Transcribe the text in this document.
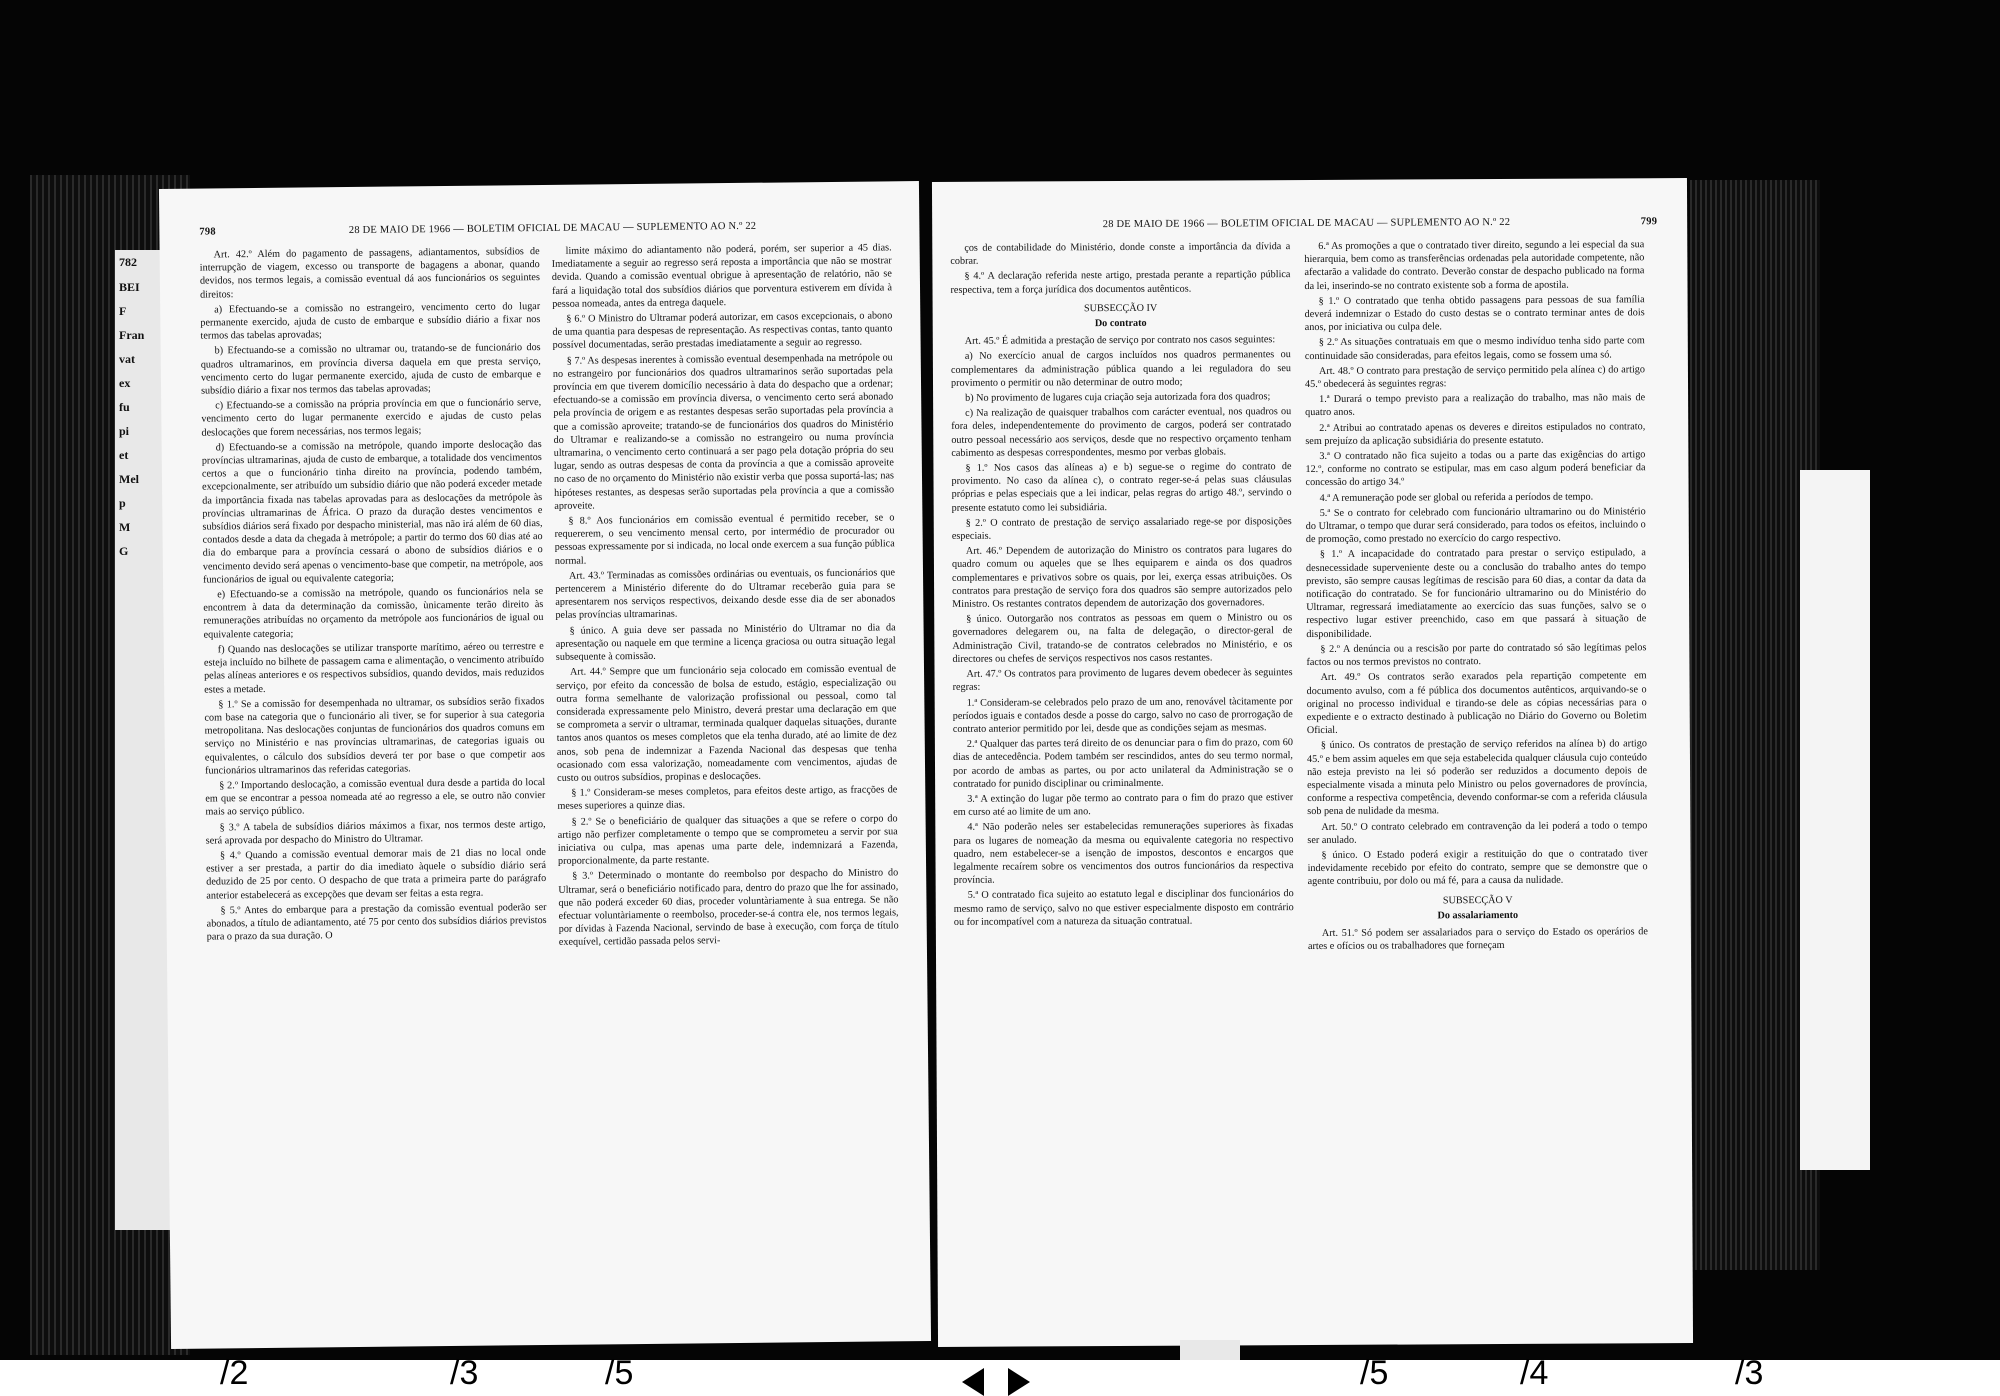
782
BEI
F
Fran
vat
ex
fu
pi
et
Mel
p
M
G
798	28 DE MAIO DE 1966 — BOLETIM OFICIAL DE MACAU — SUPLEMENTO AO N.º 22

Art. 42.º Além do pagamento de passagens, adiantamentos, subsídios de interrupção de viagem, excesso ou transporte de bagagens a abonar, quando devidos, nos termos legais, a comissão eventual dá aos funcionários os seguintes direitos:

a) Efectuando-se a comissão no estrangeiro, vencimento certo do lugar permanente exercido, ajuda de custo de embarque e subsídio diário a fixar nos termos das tabelas aprovadas;

b) Efectuando-se a comissão no ultramar ou, tratando-se de funcionário dos quadros ultramarinos, em província diversa daquela em que presta serviço, vencimento certo do lugar permanente exercido, ajuda de custo de embarque e subsídio diário a fixar nos termos das tabelas aprovadas;

c) Efectuando-se a comissão na própria província em que o funcionário serve, vencimento certo do lugar permanente exercido e ajudas de custo pelas deslocações que forem necessárias, nos termos legais;

d) Efectuando-se a comissão na metrópole, quando importe deslocação das províncias ultramarinas, ajuda de custo de embarque, a totalidade dos vencimentos certos a que o funcionário tinha direito na província, podendo também, excepcionalmente, ser atribuído um subsídio diário que não poderá exceder metade da importância fixada nas tabelas aprovadas para as deslocações da metrópole às províncias ultramarinas de África. O prazo da duração destes vencimentos e subsídios diários será fixado por despacho ministerial, mas não irá além de 60 dias, contados desde a data da chegada à metrópole; a partir do termo dos 60 dias até ao dia do embarque para a província cessará o abono de subsídios diários e o vencimento devido será apenas o vencimento-base que competir, na metrópole, aos funcionários de igual ou equivalente categoria;

e) Efectuando-se a comissão na metrópole, quando os funcionários nela se encontrem à data da determinação da comissão, ùnicamente terão direito às remunerações atribuídas no orçamento da metrópole aos funcionários de igual ou equivalente categoria;

f) Quando nas deslocações se utilizar transporte marítimo, aéreo ou terrestre e esteja incluído no bilhete de passagem cama e alimentação, o vencimento atribuído pelas alíneas anteriores e os respectivos subsídios, quando devidos, mais reduzidos estes a metade.

§ 1.º Se a comissão for desempenhada no ultramar, os subsídios serão fixados com base na categoria que o funcionário ali tiver, se for superior à sua categoria metropolitana. Nas deslocações conjuntas de funcionários dos quadros comuns em serviço no Ministério e nas províncias ultramarinas, de categorias iguais ou equivalentes, o cálculo dos subsídios deverá ter por base o que competir aos funcionários ultramarinos das referidas categorias.

§ 2.º Importando deslocação, a comissão eventual dura desde a partida do local em que se encontrar a pessoa nomeada até ao regresso a ele, se outro não convier mais ao serviço público.

§ 3.º A tabela de subsídios diários máximos a fixar, nos termos deste artigo, será aprovada por despacho do Ministro do Ultramar.

§ 4.º Quando a comissão eventual demorar mais de 21 dias no local onde estiver a ser prestada, a partir do dia imediato àquele o subsídio diário será deduzido de 25 por cento. O despacho de que trata a primeira parte do parágrafo anterior estabelecerá as excepções que devam ser feitas a esta regra.

§ 5.º Antes do embarque para a prestação da comissão eventual poderão ser abonados, a título de adiantamento, até 75 por cento dos subsídios diários previstos para o prazo da sua duração. O

limite máximo do adiantamento não poderá, porém, ser superior a 45 dias. Imediatamente a seguir ao regresso será reposta a importância que não se mostrar devida. Quando a comissão eventual obrigue à apresentação de relatório, não se fará a liquidação total dos subsídios diários que porventura estiverem em dívida à pessoa nomeada, antes da entrega daquele.

§ 6.º O Ministro do Ultramar poderá autorizar, em casos excepcionais, o abono de uma quantia para despesas de representação. As respectivas contas, tanto quanto possível documentadas, serão prestadas imediatamente a seguir ao regresso.

§ 7.º As despesas inerentes à comissão eventual desempenhada na metrópole ou no estrangeiro por funcionários dos quadros ultramarinos serão suportadas pela província em que tiverem domicílio necessário à data do despacho que a ordenar; efectuando-se a comissão em província diversa, o vencimento certo será abonado pela província de origem e as restantes despesas serão suportadas pela província a que a comissão aproveite; tratando-se de funcionários dos quadros do Ministério do Ultramar e realizando-se a comissão no estrangeiro ou numa província ultramarina, o vencimento certo continuará a ser pago pela dotação própria do seu lugar, sendo as outras despesas de conta da província a que a comissão aproveite no caso de no orçamento do Ministério não existir verba que possa suportá-las; nas hipóteses restantes, as despesas serão suportadas pela província a que a comissão aproveite.

§ 8.º Aos funcionários em comissão eventual é permitido receber, se o requererem, o seu vencimento mensal certo, por intermédio de procurador ou pessoas expressamente por si indicada, no local onde exercem a sua função pública normal.

Art. 43.º Terminadas as comissões ordinárias ou eventuais, os funcionários que pertencerem a Ministério diferente do do Ultramar receberão guia para se apresentarem nos serviços respectivos, deixando desde esse dia de ser abonados pelas províncias ultramarinas.

§ único. A guia deve ser passada no Ministério do Ultramar no dia da apresentação ou naquele em que termine a licença graciosa ou outra situação legal subsequente à comissão.

Art. 44.º Sempre que um funcionário seja colocado em comissão eventual de serviço, por efeito da concessão de bolsa de estudo, estágio, especialização ou outra forma semelhante de valorização profissional ou pessoal, como tal considerada expressamente pelo Ministro, deverá prestar uma declaração em que se comprometa a servir o ultramar, terminada qualquer daquelas situações, durante tantos anos quantos os meses completos que ela tenha durado, até ao limite de dez anos, sob pena de indemnizar a Fazenda Nacional das despesas que tenha ocasionado com essa valorização, nomeadamente com vencimentos, ajudas de custo ou outros subsídios, propinas e deslocações.

§ 1.º Consideram-se meses completos, para efeitos deste artigo, as fracções de meses superiores a quinze dias.

§ 2.º Se o beneficiário de qualquer das situações a que se refere o corpo do artigo não perfizer completamente o tempo que se comprometeu a servir por sua iniciativa ou culpa, mas apenas uma parte dele, indemnizará a Fazenda, proporcionalmente, da parte restante.

§ 3.º Determinado o montante do reembolso por despacho do Ministro do Ultramar, será o beneficiário notificado para, dentro do prazo que lhe for assinado, que não poderá exceder 60 dias, proceder voluntàriamente à sua entrega. Se não efectuar voluntàriamente o reembolso, proceder-se-á contra ele, nos termos legais, por dívidas à Fazenda Nacional, servindo de base à execução, com força de título exequível, certidão passada pelos servi-

28 DE MAIO DE 1966 — BOLETIM OFICIAL DE MACAU — SUPLEMENTO AO N.º 22	799

ços de contabilidade do Ministério, donde conste a importância da dívida a cobrar.

§ 4.º A declaração referida neste artigo, prestada perante a repartição pública respectiva, tem a força jurídica dos documentos autênticos.

SUBSECÇÃO IV

Do contrato

Art. 45.º É admitida a prestação de serviço por contrato nos casos seguintes:

a) No exercício anual de cargos incluídos nos quadros permanentes ou complementares da administração pública quando a lei reguladora do seu provimento o permitir ou não determinar de outro modo;

b) No provimento de lugares cuja criação seja autorizada fora dos quadros;

c) Na realização de quaisquer trabalhos com carácter eventual, nos quadros ou fora deles, independentemente do provimento de cargos, poderá ser contratado outro pessoal necessário aos serviços, desde que no respectivo orçamento tenham cabimento as despesas correspondentes, mesmo por verbas globais.

§ 1.º Nos casos das alíneas a) e b) segue-se o regime do contrato de provimento. No caso da alínea c), o contrato reger-se-á pelas suas cláusulas próprias e pelas especiais que a lei indicar, pelas regras do artigo 48.º, servindo o presente estatuto como lei subsidiária.

§ 2.º O contrato de prestação de serviço assalariado rege-se por disposições especiais.

Art. 46.º Dependem de autorização do Ministro os contratos para lugares do quadro comum ou aqueles que se lhes equiparem e ainda os dos quadros complementares e privativos sobre os quais, por lei, exerça essas atribuições. Os contratos para prestação de serviço fora dos quadros são sempre autorizados pelo Ministro. Os restantes contratos dependem de autorização dos governadores.

§ único. Outorgarão nos contratos as pessoas em quem o Ministro ou os governadores delegarem ou, na falta de delegação, o director-geral de Administração Civil, tratando-se de contratos celebrados no Ministério, e os directores ou chefes de serviços respectivos nos casos restantes.

Art. 47.º Os contratos para provimento de lugares devem obedecer às seguintes regras:

1.ª Consideram-se celebrados pelo prazo de um ano, renovável tàcitamente por períodos iguais e contados desde a posse do cargo, salvo no caso de prorrogação de contrato anterior permitido por lei, desde que as condições sejam as mesmas.

2.ª Qualquer das partes terá direito de os denunciar para o fim do prazo, com 60 dias de antecedência. Podem também ser rescindidos, antes do seu termo normal, por acordo de ambas as partes, ou por acto unilateral da Administração se o contratado for punido disciplinar ou criminalmente.

3.ª A extinção do lugar põe termo ao contrato para o fim do prazo que estiver em curso até ao limite de um ano.

4.ª Não poderão neles ser estabelecidas remunerações superiores às fixadas para os lugares de nomeação da mesma ou equivalente categoria no respectivo quadro, nem estabelecer-se a isenção de impostos, descontos e encargos que legalmente recaírem sobre os vencimentos dos outros funcionários da respectiva província.

5.ª O contratado fica sujeito ao estatuto legal e disciplinar dos funcionários do mesmo ramo de serviço, salvo no que estiver especialmente disposto em contrário ou for incompatível com a natureza da situação contratual.

6.ª As promoções a que o contratado tiver direito, segundo a lei especial da sua hierarquia, bem como as transferências ordenadas pela autoridade competente, não afectarão a validade do contrato. Deverão constar de despacho publicado na forma da lei, inserindo-se no contrato existente sob a forma de apostila.

§ 1.º O contratado que tenha obtido passagens para pessoas de sua família deverá indemnizar o Estado do custo destas se o contrato terminar antes de dois anos, por iniciativa ou culpa dele.

§ 2.º As situações contratuais em que o mesmo indivíduo tenha sido parte com continuidade são consideradas, para efeitos legais, como se fossem uma só.

Art. 48.º O contrato para prestação de serviço permitido pela alínea c) do artigo 45.º obedecerá às seguintes regras:

1.ª Durará o tempo previsto para a realização do trabalho, mas não mais de quatro anos.

2.ª Atribui ao contratado apenas os deveres e direitos estipulados no contrato, sem prejuízo da aplicação subsidiária do presente estatuto.

3.ª O contratado não fica sujeito a todas ou a parte das exigências do artigo 12.º, conforme no contrato se estipular, mas em caso algum poderá beneficiar da concessão do artigo 34.º

4.ª A remuneração pode ser global ou referida a períodos de tempo.

5.ª Se o contrato for celebrado com funcionário ultramarino ou do Ministério do Ultramar, o tempo que durar será considerado, para todos os efeitos, incluindo o de promoção, como prestado no exercício do cargo respectivo.

§ 1.º A incapacidade do contratado para prestar o serviço estipulado, a desnecessidade superveniente deste ou a conclusão do trabalho antes do tempo previsto, são sempre causas legítimas de rescisão para 60 dias, a contar da data da notificação do contratado. Se for funcionário ultramarino ou do Ministério do Ultramar, regressará imediatamente ao exercício das suas funções, salvo se o respectivo lugar estiver preenchido, caso em que passará à situação de disponibilidade.

§ 2.º A denúncia ou a rescisão por parte do contratado só são legítimas pelos factos ou nos termos previstos no contrato.

Art. 49.º Os contratos serão exarados pela repartição competente em documento avulso, com a fé pública dos documentos autênticos, arquivando-se o original no processo individual e tirando-se dele as cópias necessárias para o expediente e o extracto destinado à publicação no Diário do Governo ou Boletim Oficial.

§ único. Os contratos de prestação de serviço referidos na alínea b) do artigo 45.º e bem assim aqueles em que seja estabelecida qualquer cláusula cujo conteúdo não esteja previsto na lei só poderão ser reduzidos a documento depois de especialmente visada a minuta pelo Ministro ou pelos governadores de província, conforme a respectiva competência, devendo conformar-se com a referida cláusula sob pena de nulidade da mesma.

Art. 50.º O contrato celebrado em contravenção da lei poderá a todo o tempo ser anulado.

§ único. O Estado poderá exigir a restituição do que o contratado tiver indevidamente recebido por efeito do contrato, sempre que se demonstre que o agente contribuiu, por dolo ou má fé, para a causa da nulidade.

SUBSECÇÃO V

Do assalariamento

Art. 51.º Só podem ser assalariados para o serviço do Estado os operários de artes e ofícios ou os trabalhadores que forneçam

/2	/3	/5	/5	/4	/3
